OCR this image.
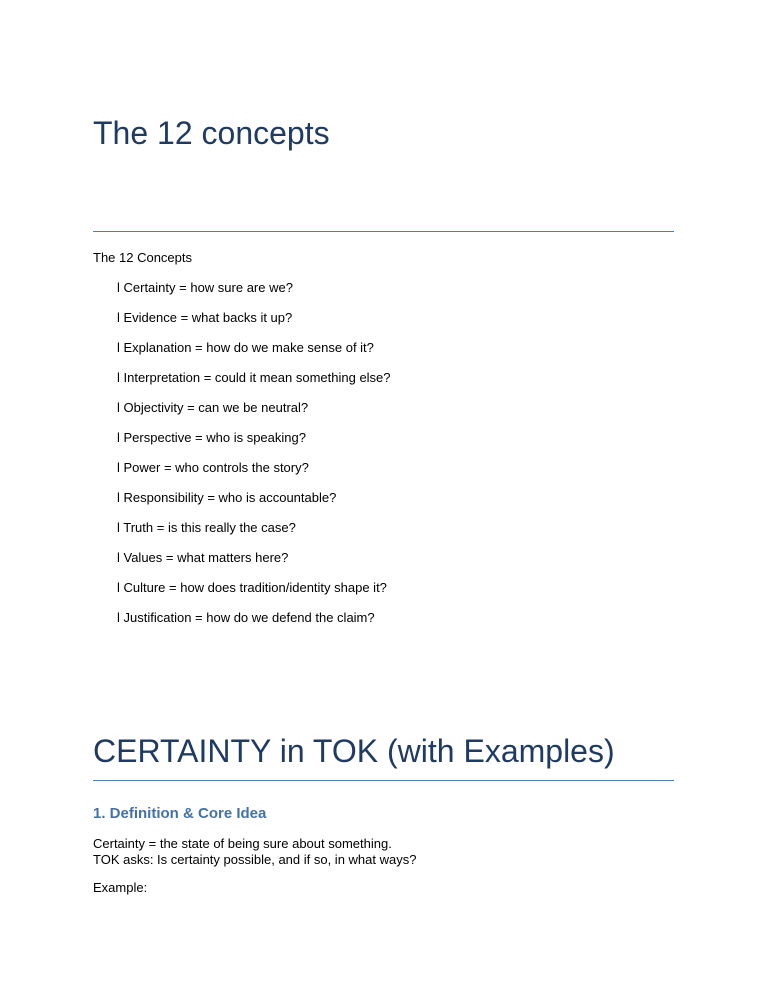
The 12 concepts

The 12 Concepts

l Certainty = how sure are we?
l Evidence = what backs it up?
l Explanation = how do we make sense of it?
l Interpretation = could it mean something else?
l Objectivity = can we be neutral?
l Perspective = who is speaking?
l Power = who controls the story?
l Responsibility = who is accountable?
l Truth = is this really the case?
l Values = what matters here?
l Culture = how does tradition/identity shape it?
l Justification = how do we defend the claim?
CERTAINTY in TOK (with Examples)
1. Definition & Core Idea

Certainty = the state of being sure about something.
TOK asks: Is certainty possible, and if so, in what ways?

Example:
